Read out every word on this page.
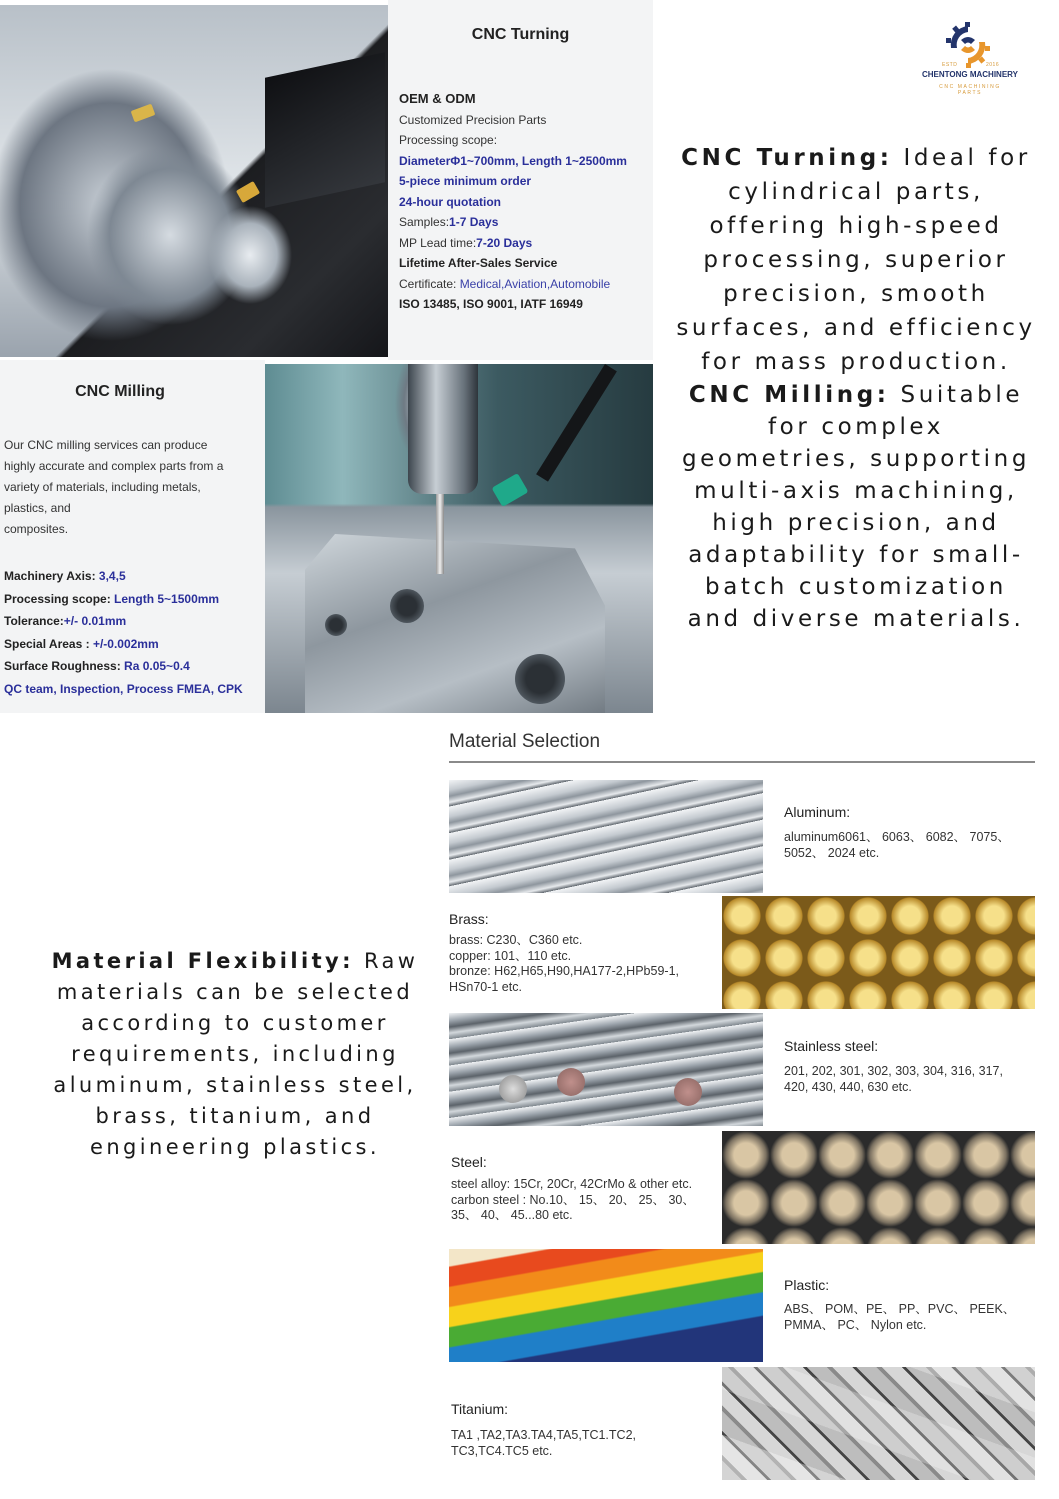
CNC Turning
OEM & ODM
Customized Precision Parts
Processing scope:
DiameterΦ1~700mm, Length 1~2500mm
5-piece minimum order
24-hour quotation
Samples:1-7 Days
MP Lead time:7-20 Days
Lifetime After-Sales Service
Certificate: Medical,Aviation,Automobile
ISO 13485, ISO 9001, IATF 16949
CNC Milling
Our CNC milling services can produce
highly accurate and complex parts from a
variety of materials, including metals,
plastics, and
composites.
Machinery Axis: 3,4,5
Processing scope: Length 5~1500mm
Tolerance:+/- 0.01mm
Special Areas : +/-0.002mm
Surface Roughness: Ra 0.05~0.4
QC team, Inspection, Process FMEA, CPK
ESTD	2016
CHENTONG MACHINERY
CNC MACHINING PARTS
CNC Turning: Ideal for cylindrical parts, offering high-speed processing, superior precision, smooth surfaces, and efficiency for mass production.
CNC Milling: Suitable for complex geometries, supporting multi-axis machining, high precision, and adaptability for small-batch customization and diverse materials.
Material Flexibility: Raw materials can be selected according to customer requirements, including aluminum, stainless steel, brass, titanium, and engineering plastics.
Material Selection
Aluminum:
aluminum6061、 6063、 6082、 7075、
5052、 2024 etc.
Brass:
brass: C230、C360 etc.
copper: 101、110 etc.
bronze: H62,H65,H90,HA177-2,HPb59-1,
HSn70-1 etc.
Stainless steel:
201, 202, 301, 302, 303, 304, 316, 317,
420, 430, 440, 630 etc.
Steel:
steel alloy: 15Cr, 20Cr, 42CrMo & other etc.
carbon steel : No.10、 15、 20、 25、 30、
35、 40、 45...80 etc.
Plastic:
ABS、 POM、PE、 PP、PVC、 PEEK、
PMMA、 PC、 Nylon etc.
Titanium:
TA1 ,TA2,TA3.TA4,TA5,TC1.TC2,
TC3,TC4.TC5 etc.
